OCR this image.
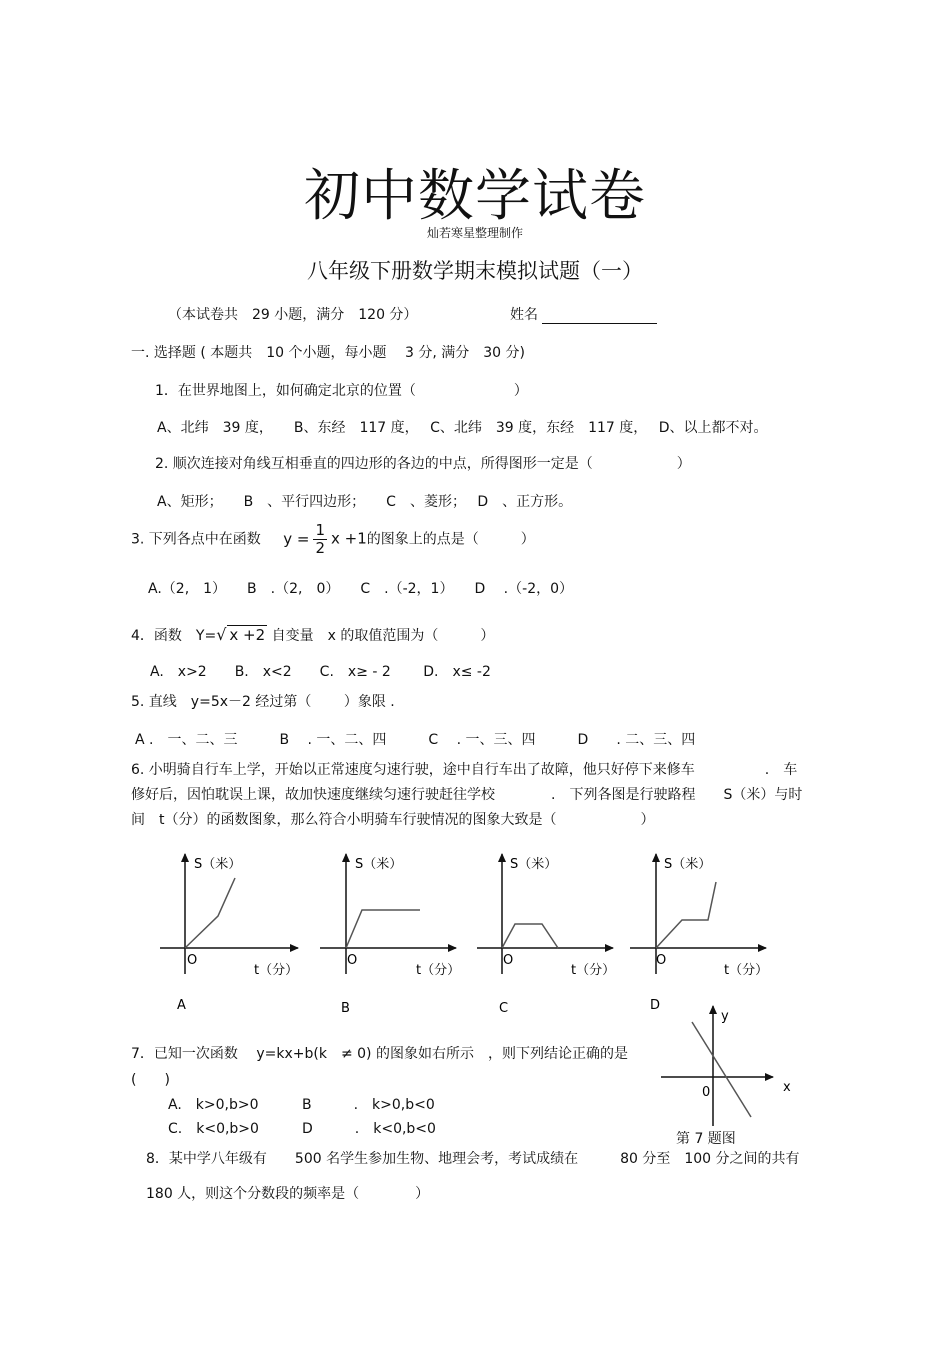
初中数学试卷
灿若寒星整理制作
八年级下册数学期末模拟试题（一）
（本试卷共　29 小题，满分　120 分）	姓名
一. 选择题 ( 本题共　10 个小题，每小题　 3 分, 满分　30 分)
1．在世界地图上，如何确定北京的位置（　　　　　　　）
A、北纬　39 度，　　B、东经　117 度，　 C、北纬　39 度，东经　117 度，　 D、以上都不对。
2. 顺次连接对角线互相垂直的四边形的各边的中点，所得图形一定是（　　　　　　）
A、矩形；　　B　、平行四边形；　　C　、菱形；　 D　、正方形。
3. 下列各点中在函数 $y = \frac{1}{2}$ x +1的图象上的点是（　　　）
A.（2,　1）　　B　.（2,　0）　　C　.（-2，1）　　D　 .（-2，0）
4．函数　Y=√ x +2 自变量　x 的取值范围为（　　　）
A.　x>2　　B.　x<2　　C.　x≥ - 2　　 D.　x≤ -2
5. 直线　y=5x－2 经过第（　　 ）象限 .
A .　一、二、三　　　B　 . 一、二、四　　　C　 . 一、三、四　　　D　　. 二、三、四
6. 小明骑自行车上学，开始以正常速度匀速行驶，途中自行车出了故障，他只好停下来修车　　　　　.　车
修好后，因怕耽误上课，故加快速度继续匀速行驶赶往学校　　　　.　下列各图是行驶路程　　S（米）与时
间　t（分）的函数图象，那么符合小明骑车行驶情况的图象大致是（　　　　　　）
S（米）
O
t（分）
A
S（米）
O
t（分）
B
S（米）
O
t（分）
C
S（米）
O
t（分）
D
7．已知一次函数　 y=kx+b(k　≠ 0) 的图象如右所示　，则下列结论正确的是
(　　)
A.　k>0,b>0	B　　　.　k>0,b<0
C.　k<0,b>0	D　　　.　k<0,b<0
y
x
0
第 7 题图
8．某中学八年级有　　500 名学生参加生物、地理会考，考试成绩在　　　80 分至　100 分之间的共有
180 人，则这个分数段的频率是（　　　　）
